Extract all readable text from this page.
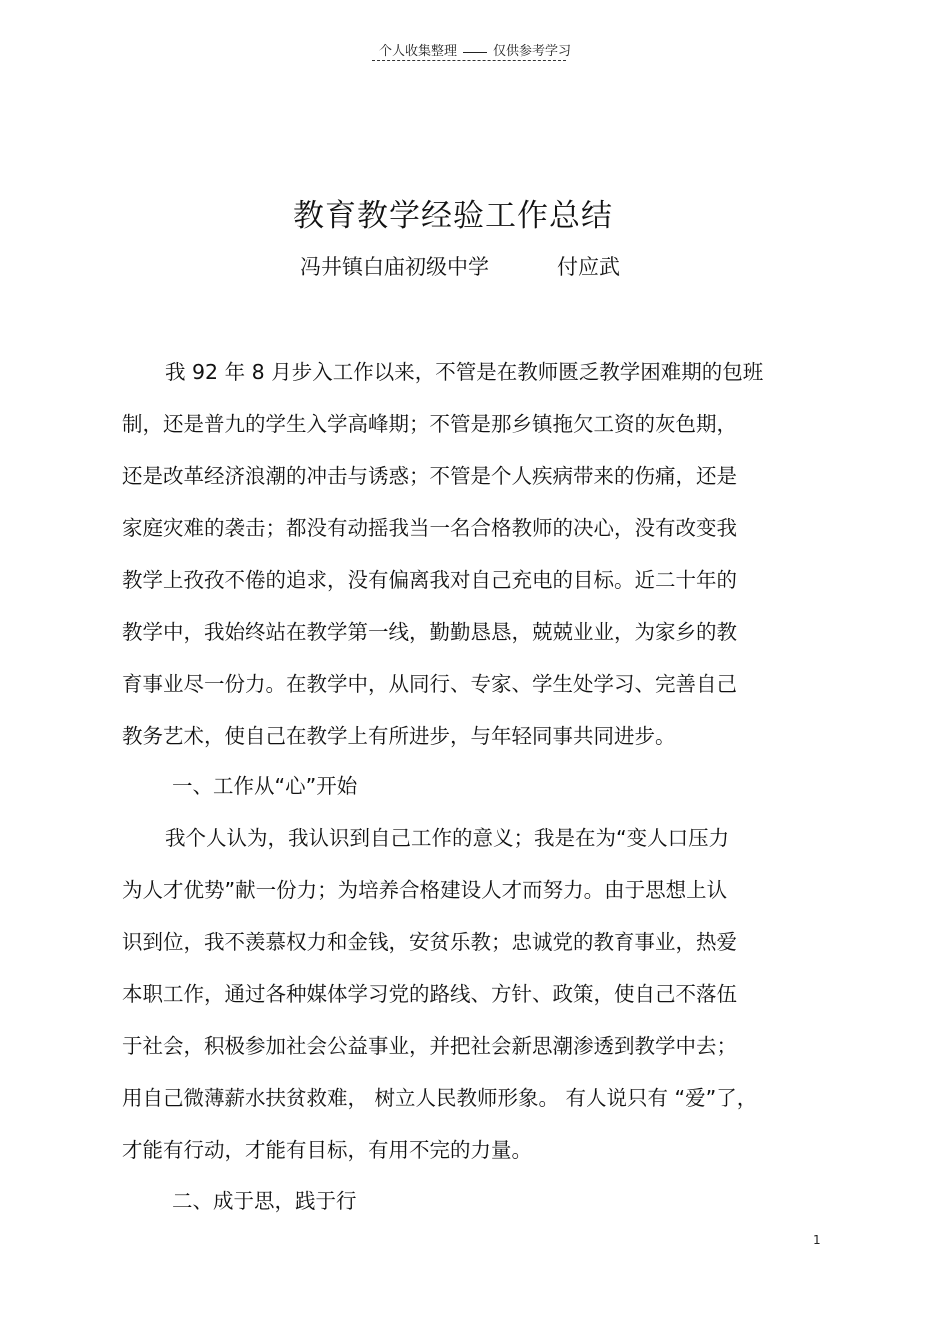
个人收集整理	仅供参考学习
教育教学经验工作总结
冯井镇白庙初级中学	付应武
我 92 年 8 月步入工作以来，不管是在教师匮乏教学困难期的包班
制，还是普九的学生入学高峰期；不管是那乡镇拖欠工资的灰色期，
还是改革经济浪潮的冲击与诱惑；不管是个人疾病带来的伤痛，还是
家庭灾难的袭击；都没有动摇我当一名合格教师的决心，没有改变我
教学上孜孜不倦的追求，没有偏离我对自己充电的目标。近二十年的
教学中，我始终站在教学第一线，勤勤恳恳，兢兢业业，为家乡的教
育事业尽一份力。在教学中，从同行、专家、学生处学习、完善自己
教务艺术，使自己在教学上有所进步，与年轻同事共同进步。
一、工作从“心”开始
我个人认为，我认识到自己工作的意义；我是在为“变人口压力
为人才优势”献一份力；为培养合格建设人才而努力。由于思想上认
识到位，我不羡慕权力和金钱，安贫乐教；忠诚党的教育事业，热爱
本职工作，通过各种媒体学习党的路线、方针、政策，使自己不落伍
于社会，积极参加社会公益事业，并把社会新思潮渗透到教学中去；
用自己微薄薪水扶贫救难， 树立人民教师形象。 有人说只有 “爱”了，
才能有行动，才能有目标，有用不完的力量。
二、成于思，践于行
1
